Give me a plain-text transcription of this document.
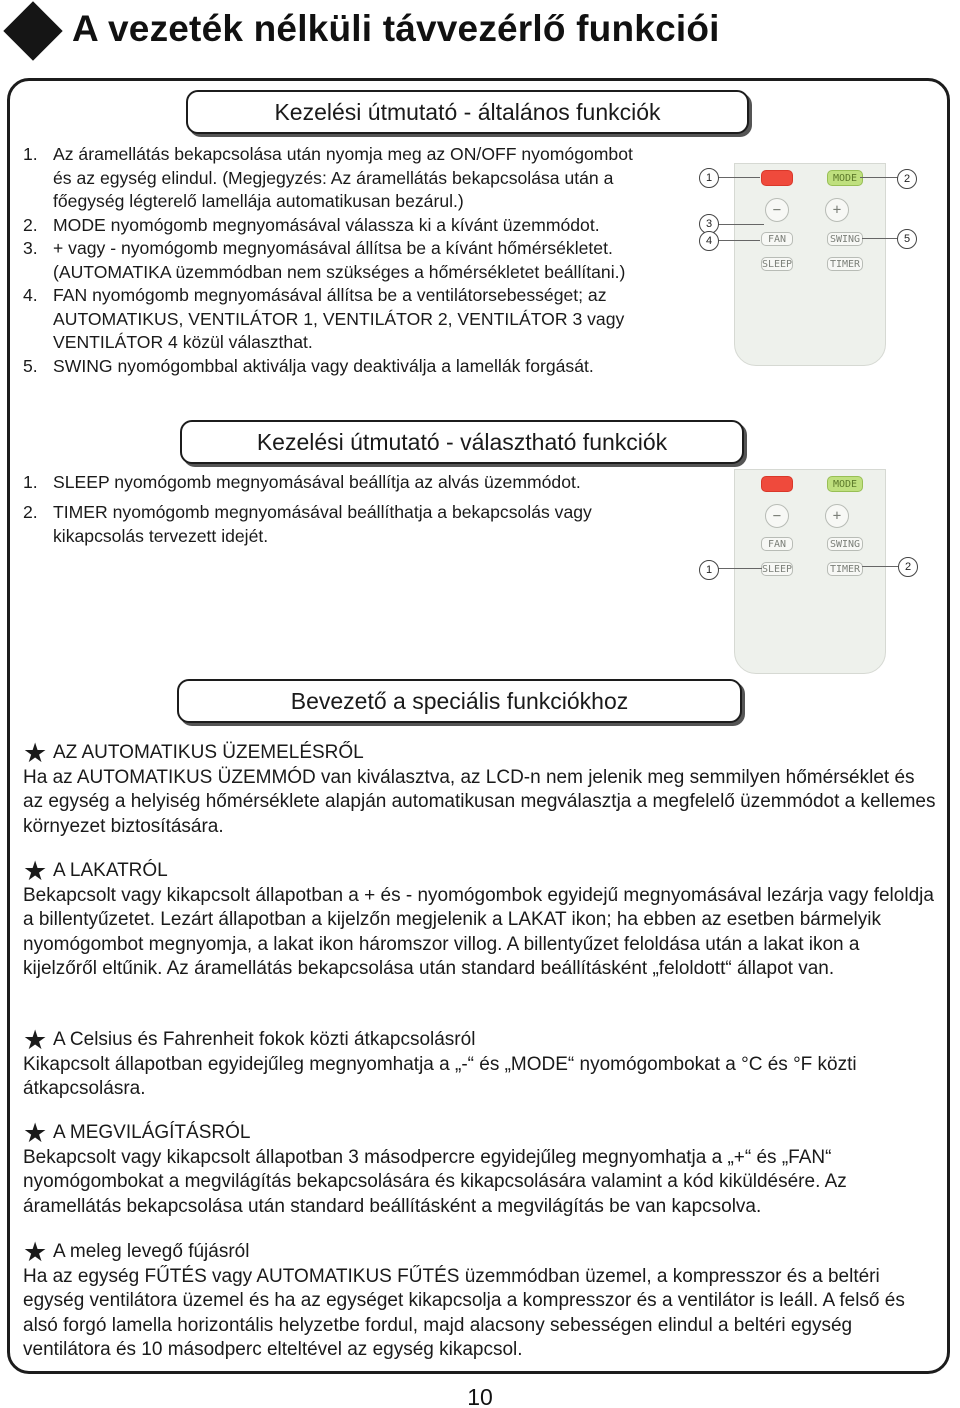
A vezeték nélküli távvezérlő funkciói
Kezelési útmutató - általános funkciók
1. Az áramellátás bekapcsolása után nyomja meg az ON/OFF nyomógombot és az egység elindul. (Megjegyzés: Az áramellátás bekapcsolása után a főegység légterelő lamellája automatikusan bezárul.)
2. MODE nyomógomb megnyomásával válassza ki a kívánt üzemmódot.
3. + vagy - nyomógomb megnyomásával állítsa be a kívánt hőmérsékletet. (AUTOMATIKA üzemmódban nem szükséges a hőmérsékletet beállítani.)
4. FAN nyomógomb megnyomásával állítsa be a ventilátorsebességet; az AUTOMATIKUS, VENTILÁTOR 1, VENTILÁTOR 2, VENTILÁTOR 3 vagy VENTILÁTOR 4 közül választhat.
5. SWING nyomógombbal aktiválja vagy deaktiválja a lamellák forgását.
MODE
−	+
FAN	SWING
SLEEP	TIMER
1	2
3
4	5
Kezelési útmutató - választható funkciók
1. SLEEP nyomógomb megnyomásával beállítja az alvás üzemmódot.
2. TIMER nyomógomb megnyomásával beállíthatja a bekapcsolás vagy kikapcsolás tervezett idejét.
MODE
−	+
FAN	SWING
SLEEP	TIMER
1	2
Bevezető a speciális funkciókhoz
★ AZ AUTOMATIKUS ÜZEMELÉSRŐL
Ha az AUTOMATIKUS ÜZEMMÓD van kiválasztva, az LCD-n nem jelenik meg semmilyen hőmérséklet és az egység a helyiség hőmérséklete alapján automatikusan megválasztja a megfelelő üzemmódot a kellemes környezet biztosítására.
★ A LAKATRÓL
Bekapcsolt vagy kikapcsolt állapotban a + és - nyomógombok egyidejű megnyomásával lezárja vagy feloldja a billentyűzetet. Lezárt állapotban a kijelzőn megjelenik a LAKAT ikon; ha ebben az esetben bármelyik nyomógombot megnyomja, a lakat ikon háromszor villog. A billentyűzet feloldása után a lakat ikon a kijelzőről eltűnik. Az áramellátás bekapcsolása után standard beállításként „feloldott“ állapot van.
★ A Celsius és Fahrenheit fokok közti átkapcsolásról
Kikapcsolt állapotban egyidejűleg megnyomhatja a „-“ és „MODE“ nyomógombokat a °C és °F közti átkapcsolásra.
★ A MEGVILÁGÍTÁSRÓL
Bekapcsolt vagy kikapcsolt állapotban 3 másodpercre egyidejűleg megnyomhatja a „+“ és „FAN“ nyomógombokat a megvilágítás bekapcsolására és kikapcsolására valamint a kód kiküldésére. Az áramellátás bekapcsolása után standard beállításként a megvilágítás be van kapcsolva.
★ A meleg levegő fújásról
Ha az egység FŰTÉS vagy AUTOMATIKUS FŰTÉS üzemmódban üzemel, a kompresszor és a beltéri egység ventilátora üzemel és ha az egységet kikapcsolja a kompresszor és a ventilátor is leáll. A felső és alsó forgó lamella horizontális helyzetbe fordul, majd alacsony sebességen elindul a beltéri egység ventilátora és 10 másodperc elteltével az egység kikapcsol.
10
